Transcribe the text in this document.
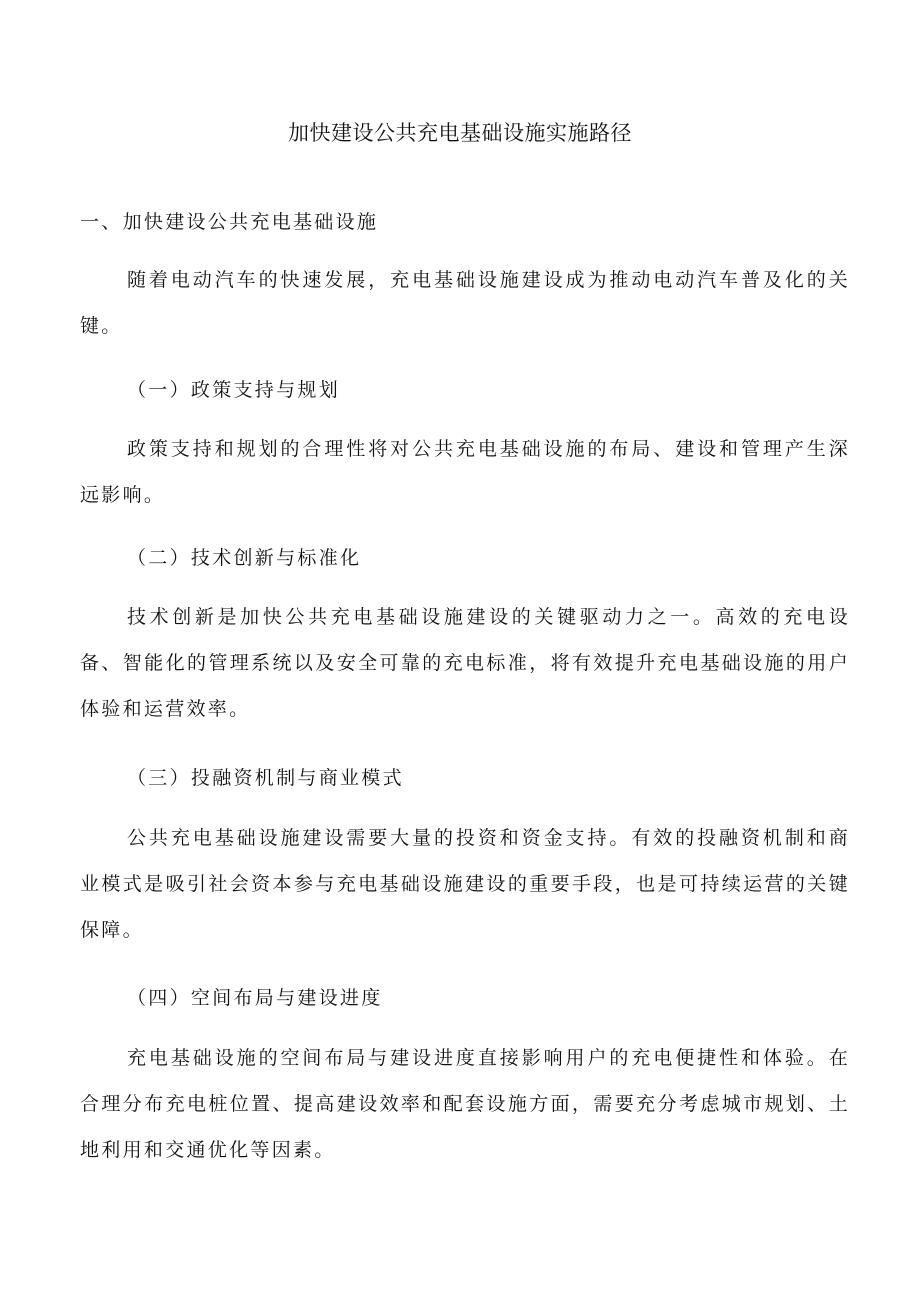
加快建设公共充电基础设施实施路径

一、加快建设公共充电基础设施

随着电动汽车的快速发展，充电基础设施建设成为推动电动汽车普及化的关键。

（一）政策支持与规划

政策支持和规划的合理性将对公共充电基础设施的布局、建设和管理产生深远影响。

（二）技术创新与标准化

技术创新是加快公共充电基础设施建设的关键驱动力之一。高效的充电设备、智能化的管理系统以及安全可靠的充电标准，将有效提升充电基础设施的用户体验和运营效率。

（三）投融资机制与商业模式

公共充电基础设施建设需要大量的投资和资金支持。有效的投融资机制和商业模式是吸引社会资本参与充电基础设施建设的重要手段，也是可持续运营的关键保障。

（四）空间布局与建设进度

充电基础设施的空间布局与建设进度直接影响用户的充电便捷性和体验。在合理分布充电桩位置、提高建设效率和配套设施方面，需要充分考虑城市规划、土地利用和交通优化等因素。
